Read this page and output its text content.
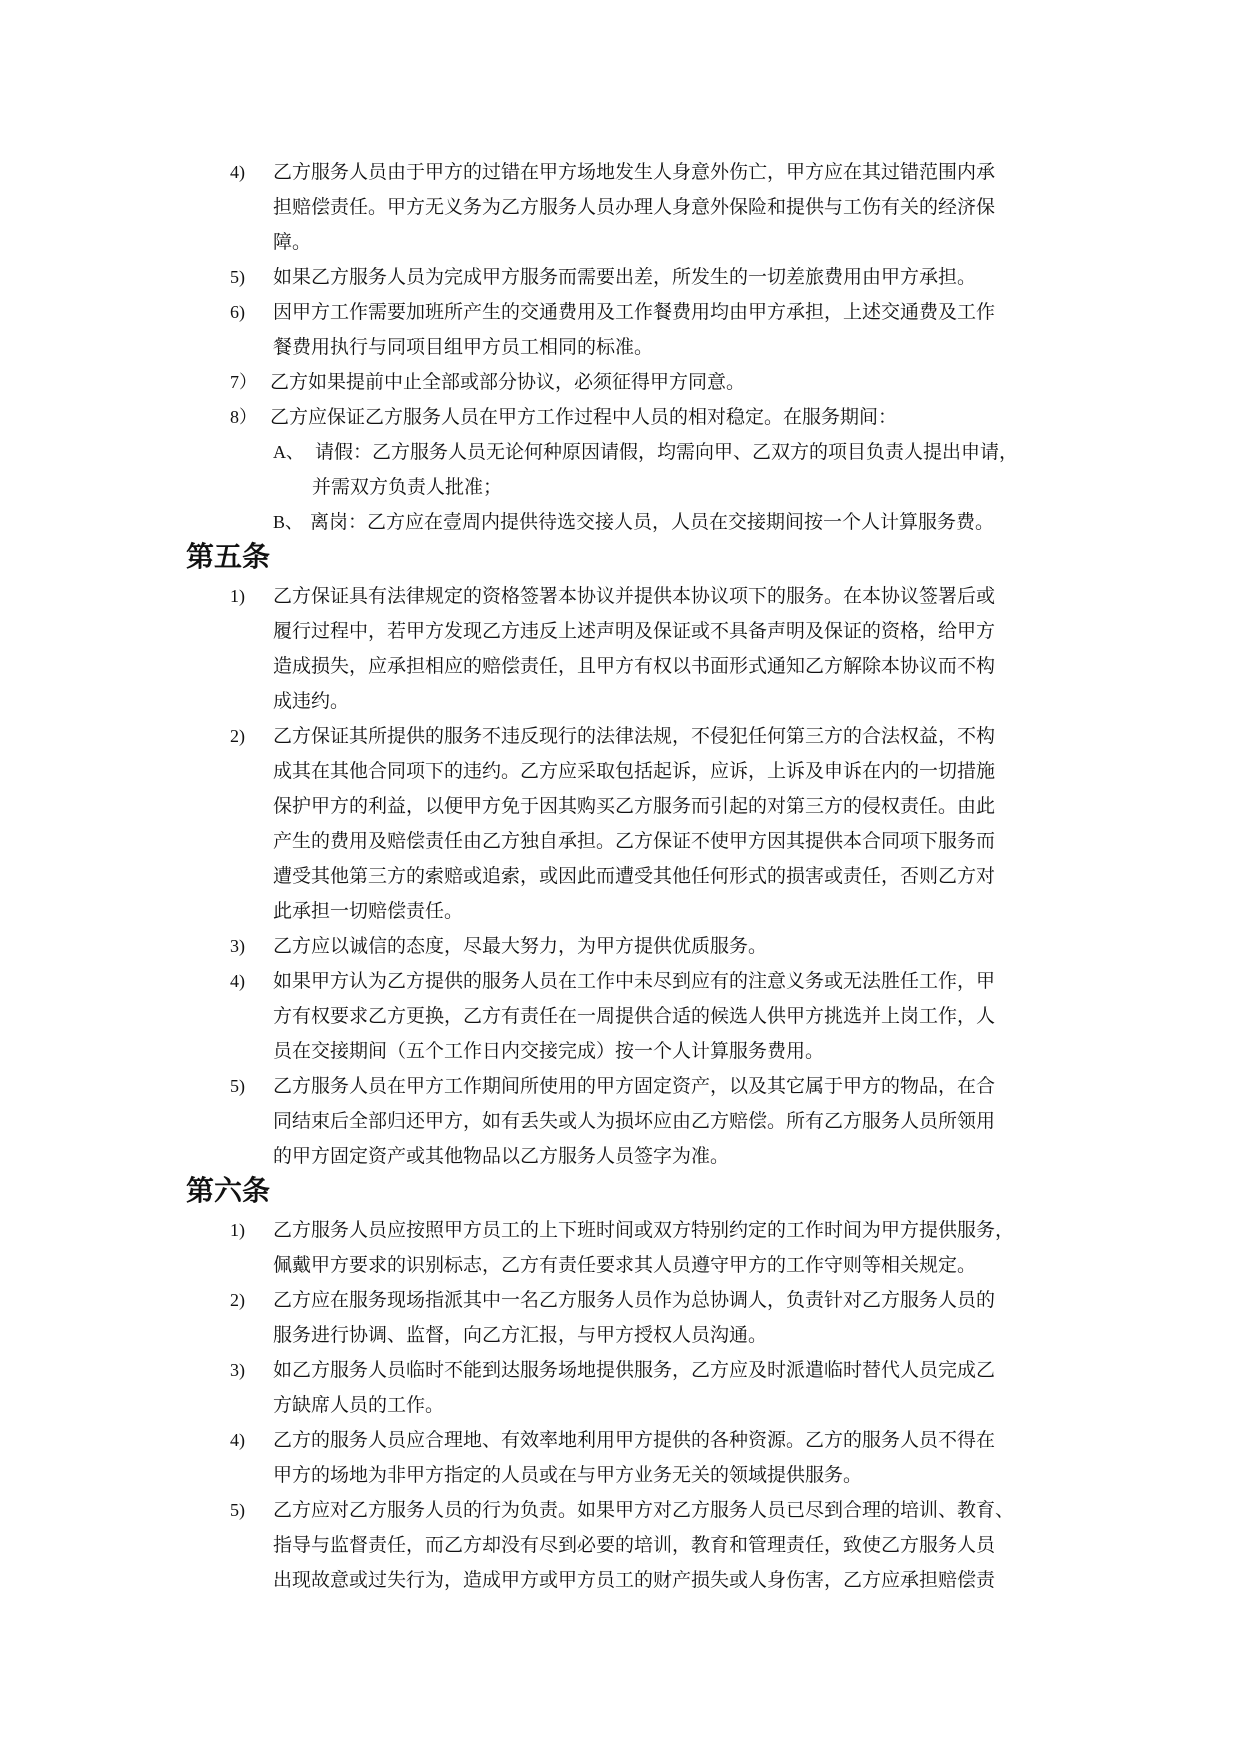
4) 乙方服务人员由于甲方的过错在甲方场地发生人身意外伤亡，甲方应在其过错范围内承
担赔偿责任。甲方无义务为乙方服务人员办理人身意外保险和提供与工伤有关的经济保
障。
5) 如果乙方服务人员为完成甲方服务而需要出差，所发生的一切差旅费用由甲方承担。
6) 因甲方工作需要加班所产生的交通费用及工作餐费用均由甲方承担，上述交通费及工作
餐费用执行与同项目组甲方员工相同的标准。
7） 乙方如果提前中止全部或部分协议，必须征得甲方同意。
8） 乙方应保证乙方服务人员在甲方工作过程中人员的相对稳定。在服务期间：
A、 请假：乙方服务人员无论何种原因请假，均需向甲、乙双方的项目负责人提出申请，
并需双方负责人批准；
B、 离岗：乙方应在壹周内提供待选交接人员，人员在交接期间按一个人计算服务费。
第五条
1) 乙方保证具有法律规定的资格签署本协议并提供本协议项下的服务。在本协议签署后或
履行过程中，若甲方发现乙方违反上述声明及保证或不具备声明及保证的资格，给甲方
造成损失，应承担相应的赔偿责任，且甲方有权以书面形式通知乙方解除本协议而不构
成违约。
2) 乙方保证其所提供的服务不违反现行的法律法规，不侵犯任何第三方的合法权益，不构
成其在其他合同项下的违约。乙方应采取包括起诉，应诉，上诉及申诉在内的一切措施
保护甲方的利益，以便甲方免于因其购买乙方服务而引起的对第三方的侵权责任。由此
产生的费用及赔偿责任由乙方独自承担。乙方保证不使甲方因其提供本合同项下服务而
遭受其他第三方的索赔或追索，或因此而遭受其他任何形式的损害或责任，否则乙方对
此承担一切赔偿责任。
3) 乙方应以诚信的态度，尽最大努力，为甲方提供优质服务。
4) 如果甲方认为乙方提供的服务人员在工作中未尽到应有的注意义务或无法胜任工作，甲
方有权要求乙方更换，乙方有责任在一周提供合适的候选人供甲方挑选并上岗工作，人
员在交接期间（五个工作日内交接完成）按一个人计算服务费用。
5) 乙方服务人员在甲方工作期间所使用的甲方固定资产，以及其它属于甲方的物品，在合
同结束后全部归还甲方，如有丢失或人为损坏应由乙方赔偿。所有乙方服务人员所领用
的甲方固定资产或其他物品以乙方服务人员签字为准。
第六条
1) 乙方服务人员应按照甲方员工的上下班时间或双方特别约定的工作时间为甲方提供服务，
佩戴甲方要求的识别标志，乙方有责任要求其人员遵守甲方的工作守则等相关规定。
2) 乙方应在服务现场指派其中一名乙方服务人员作为总协调人，负责针对乙方服务人员的
服务进行协调、监督，向乙方汇报，与甲方授权人员沟通。
3) 如乙方服务人员临时不能到达服务场地提供服务，乙方应及时派遣临时替代人员完成乙
方缺席人员的工作。
4) 乙方的服务人员应合理地、有效率地利用甲方提供的各种资源。乙方的服务人员不得在
甲方的场地为非甲方指定的人员或在与甲方业务无关的领域提供服务。
5) 乙方应对乙方服务人员的行为负责。如果甲方对乙方服务人员已尽到合理的培训、教育、
指导与监督责任，而乙方却没有尽到必要的培训，教育和管理责任，致使乙方服务人员
出现故意或过失行为，造成甲方或甲方员工的财产损失或人身伤害，乙方应承担赔偿责
